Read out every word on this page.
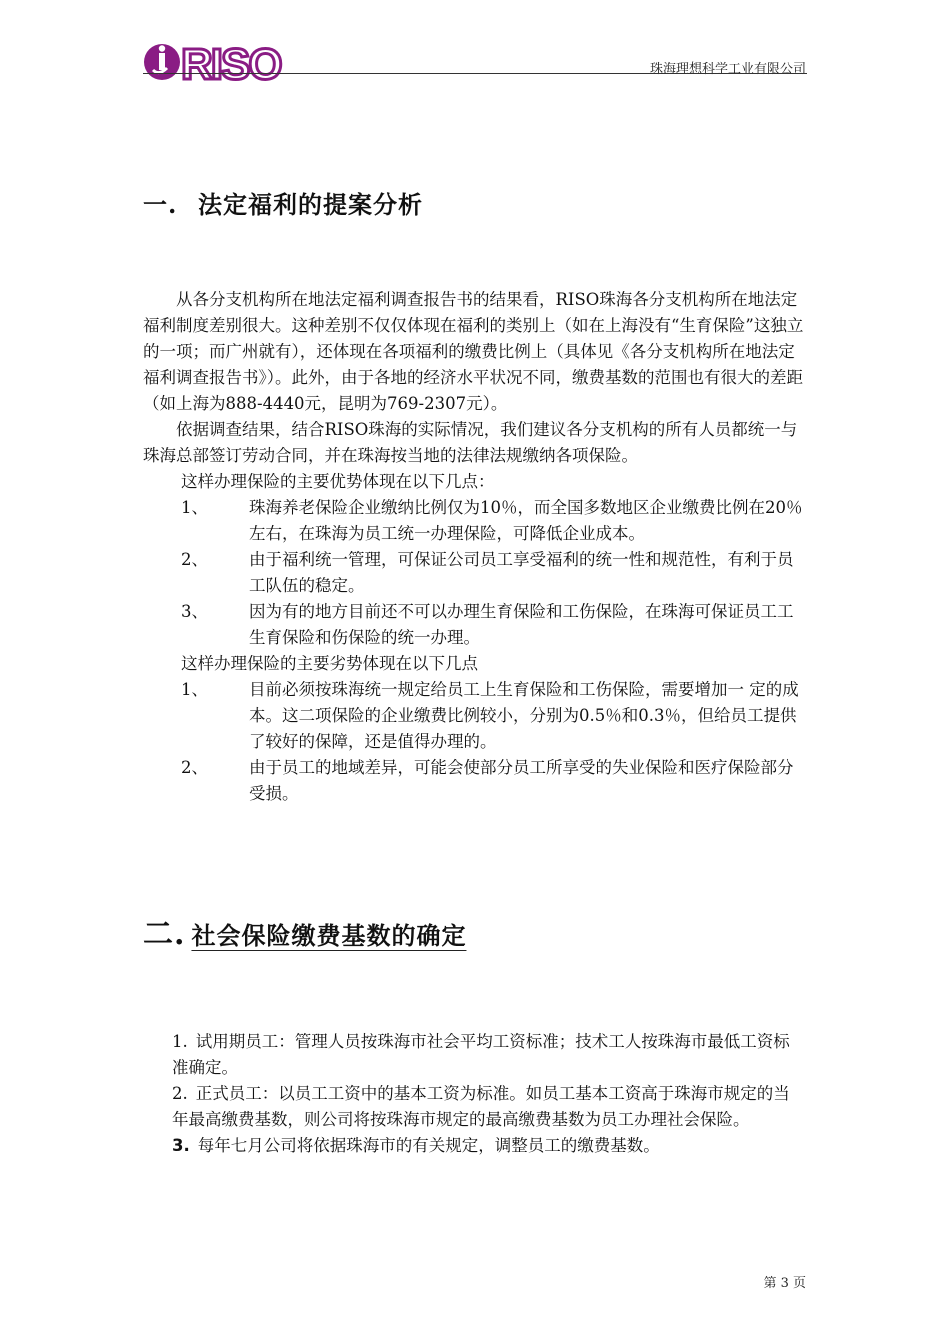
RISO	珠海理想科学工业有限公司
一. 法定福利的提案分析

从各分支机构所在地法定福利调查报告书的结果看，RISO珠海各分支机构所在地法定福利制度差别很大。这种差别不仅仅体现在福利的类别上（如在上海没有“生育保险”这独立的一项；而广州就有），还体现在各项福利的缴费比例上（具体见《各分支机构所在地法定福利调查报告书》）。此外，由于各地的经济水平状况不同，缴费基数的范围也有很大的差距（如上海为888-4440元，昆明为769-2307元）。

依据调查结果，结合RISO珠海的实际情况，我们建议各分支机构的所有人员都统一与珠海总部签订劳动合同，并在珠海按当地的法律法规缴纳各项保险。

这样办理保险的主要优势体现在以下几点：
1、 珠海养老保险企业缴纳比例仅为10％，而全国多数地区企业缴费比例在20％左右，在珠海为员工统一办理保险，可降低企业成本。
2、 由于福利统一管理，可保证公司员工享受福利的统一性和规范性，有利于员工队伍的稳定。
3、 因为有的地方目前还不可以办理生育保险和工伤保险，在珠海可保证员工工生育保险和伤保险的统一办理。
这样办理保险的主要劣势体现在以下几点
1、 目前必须按珠海统一规定给员工上生育保险和工伤保险，需要增加一 定的成本。这二项保险的企业缴费比例较小，分别为0.5％和0.3％，但给员工提供了较好的保障，还是值得办理的。
2、 由于员工的地域差异，可能会使部分员工所享受的失业保险和医疗保险部分受损。
二. 社会保险缴费基数的确定
1. 试用期员工：管理人员按珠海市社会平均工资标准；技术工人按珠海市最低工资标准确定。
2. 正式员工：以员工工资中的基本工资为标准。如员工基本工资高于珠海市规定的当年最高缴费基数，则公司将按珠海市规定的最高缴费基数为员工办理社会保险。
3. 每年七月公司将依据珠海市的有关规定，调整员工的缴费基数。
第 3 页
